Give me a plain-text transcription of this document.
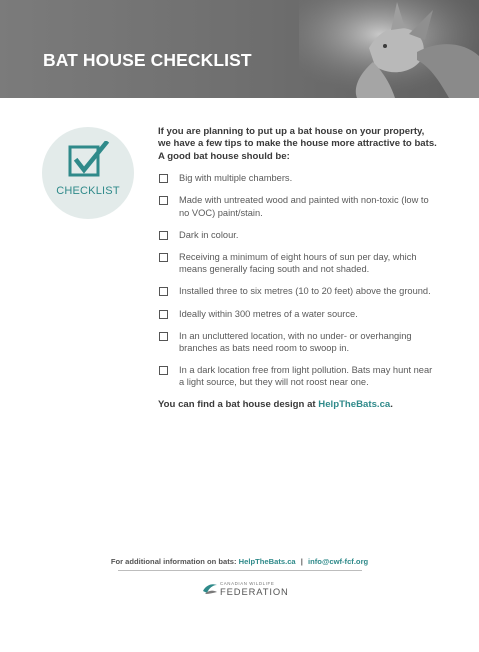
BAT HOUSE CHECKLIST
CHECKLIST

If you are planning to put up a bat house on your property, we have a few tips to make the house more attractive to bats. A good bat house should be:

Big with multiple chambers.
Made with untreated wood and painted with non-toxic (low to no VOC) paint/stain.
Dark in colour.
Receiving a minimum of eight hours of sun per day, which means generally facing south and not shaded.
Installed three to six metres (10 to 20 feet) above the ground.
Ideally within 300 metres of a water source.
In an uncluttered location, with no under- or overhanging branches as bats need room to swoop in.
In a dark location free from light pollution. Bats may hunt near a light source, but they will not roost near one.

You can find a bat house design at HelpTheBats.ca.

For additional information on bats: HelpTheBats.ca | info@cwf-fcf.org
CANADIAN WILDLIFE
FEDERATION
